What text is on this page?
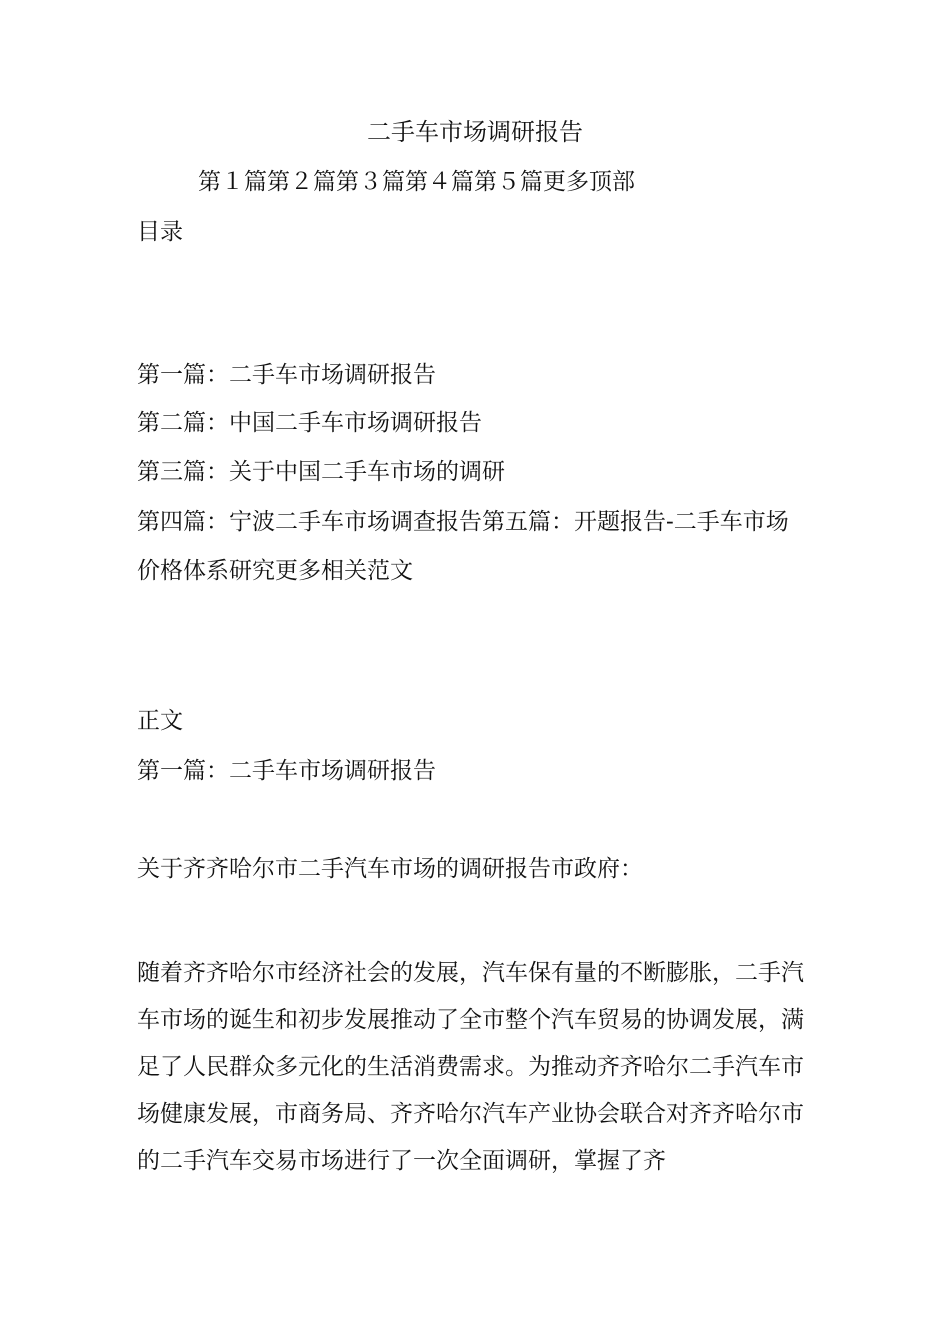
二手车市场调研报告
第１篇第２篇第３篇第４篇第５篇更多顶部
目录
第一篇：二手车市场调研报告
第二篇：中国二手车市场调研报告
第三篇：关于中国二手车市场的调研
第四篇：宁波二手车市场调查报告第五篇：开题报告-二手车市场
价格体系研究更多相关范文
正文
第一篇：二手车市场调研报告
关于齐齐哈尔市二手汽车市场的调研报告市政府：

随着齐齐哈尔市经济社会的发展，汽车保有量的不断膨胀，二手汽

车市场的诞生和初步发展推动了全市整个汽车贸易的协调发展，满

足了人民群众多元化的生活消费需求。为推动齐齐哈尔二手汽车市

场健康发展，市商务局、齐齐哈尔汽车产业协会联合对齐齐哈尔市

的二手汽车交易市场进行了一次全面调研，掌握了齐
